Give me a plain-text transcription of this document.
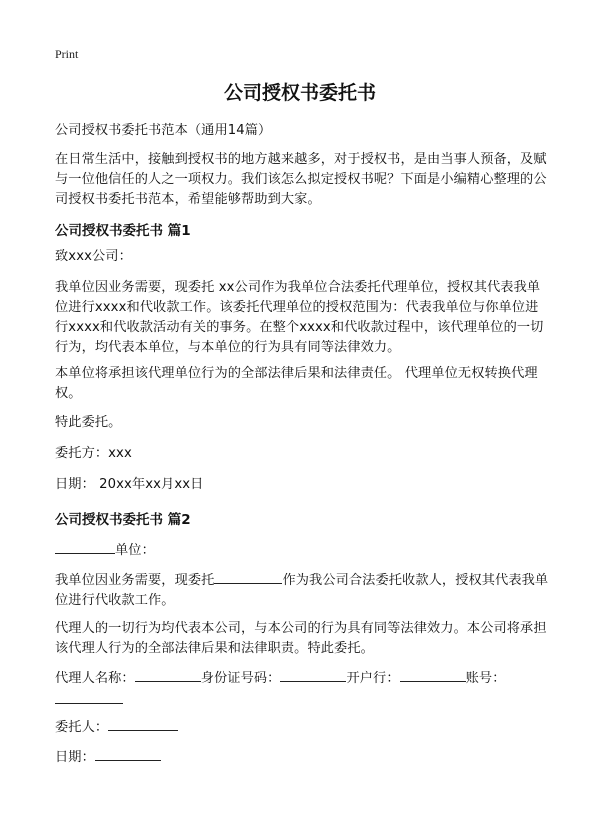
Print
公司授权书委托书
公司授权书委托书范本（通用14篇）
在日常生活中，接触到授权书的地方越来越多，对于授权书，是由当事人预备，及赋与一位他信任的人之一项权力。我们该怎么拟定授权书呢？下面是小编精心整理的公司授权书委托书范本，希望能够帮助到大家。
公司授权书委托书 篇1
致xxx公司：
我单位因业务需要，现委托 xx公司作为我单位合法委托代理单位，授权其代表我单位进行xxxx和代收款工作。该委托代理单位的授权范围为：代表我单位与你单位进行xxxx和代收款活动有关的事务。在整个xxxx和代收款过程中，该代理单位的一切行为，均代表本单位，与本单位的行为具有同等法律效力。
本单位将承担该代理单位行为的全部法律后果和法律责任。 代理单位无权转换代理权。
特此委托。
委托方：xxx
日期： 20xx年xx月xx日
公司授权书委托书 篇2
单位：
我单位因业务需要，现委托	作为我公司合法委托收款人，授权其代表我单位进行代收款工作。
代理人的一切行为均代表本公司，与本公司的行为具有同等法律效力。本公司将承担该代理人行为的全部法律后果和法律职责。特此委托。
代理人名称：	身份证号码：	开户行：	账号：

委托人：
日期：
